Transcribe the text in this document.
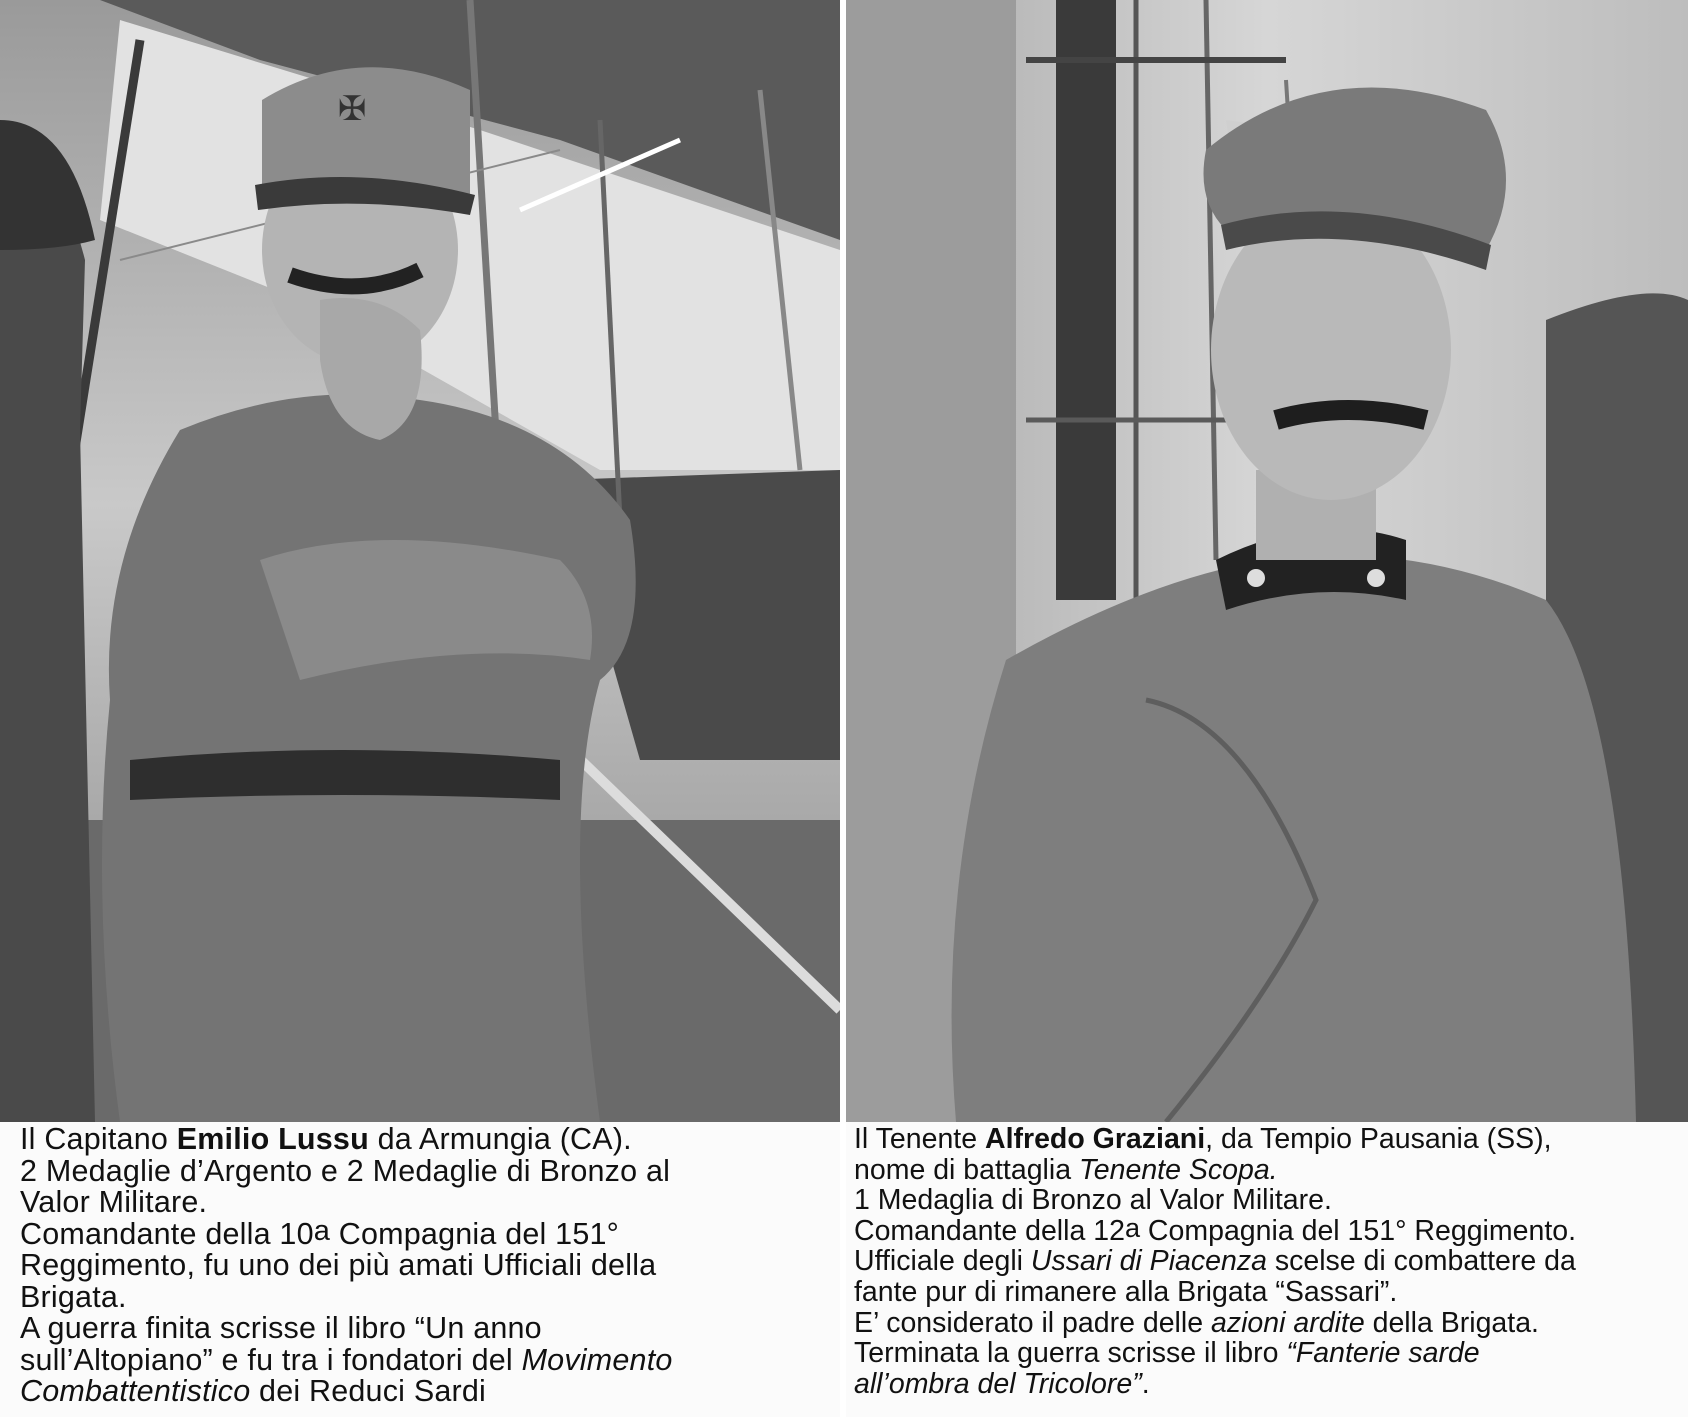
✠
Il Capitano Emilio Lussu da Armungia (CA).
2 Medaglie d’Argento e 2 Medaglie di Bronzo al
Valor Militare.
Comandante della 10$^a$ Compagnia del 151°
Reggimento, fu uno dei più amati Ufficiali della
Brigata.
A guerra finita scrisse il libro “Un anno
sull’Altopiano” e fu tra i fondatori del Movimento
Combattentistico dei Reduci Sardi
Il Tenente Alfredo Graziani, da Tempio Pausania (SS),
nome di battaglia Tenente Scopa.
1 Medaglia di Bronzo al Valor Militare.
Comandante della 12$^a$ Compagnia del 151° Reggimento.
Ufficiale degli Ussari di Piacenza scelse di combattere da
fante pur di rimanere alla Brigata “Sassari”.
E’ considerato il padre delle azioni ardite della Brigata.
Terminata la guerra scrisse il libro “Fanterie sarde
all’ombra del Tricolore”.
